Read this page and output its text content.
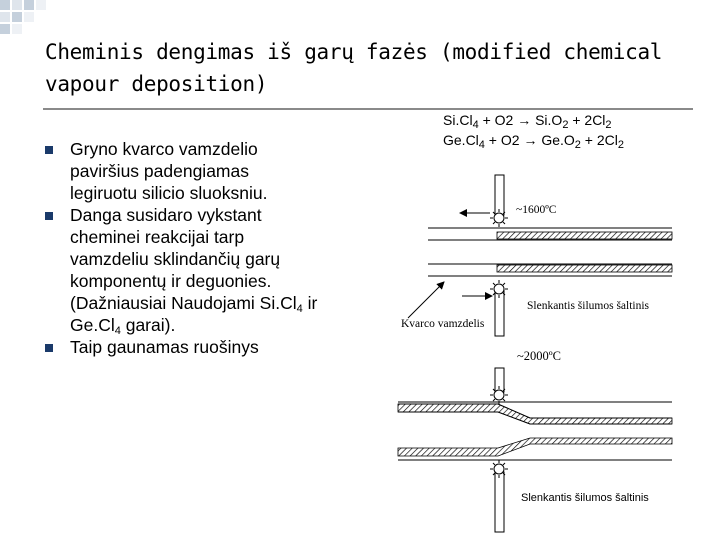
Cheminis dengimas iš garų fazės (modified chemical
vapour deposition)
Gryno kvarco vamzdelio
paviršius padengiamas
legiruotu silicio sluoksniu.
Danga susidaro vykstant
cheminei reakcijai tarp
vamzdeliu sklindančių garų
komponentų ir deguonies.
(Dažniausiai Naudojami $Si.Cl_4$ ir
$Ge.Cl_4$ garai).
Taip gaunamas ruošinys
$Si.Cl_4 + O2 \to Si.O_2 + 2Cl_2$
$Ge.Cl_4 + O2 \to Ge.O_2 + 2Cl_2$
~1600ºC
Slenkantis šilumos šaltinis
Kvarco vamzdelis
~2000ºC
Slenkantis šilumos šaltinis
